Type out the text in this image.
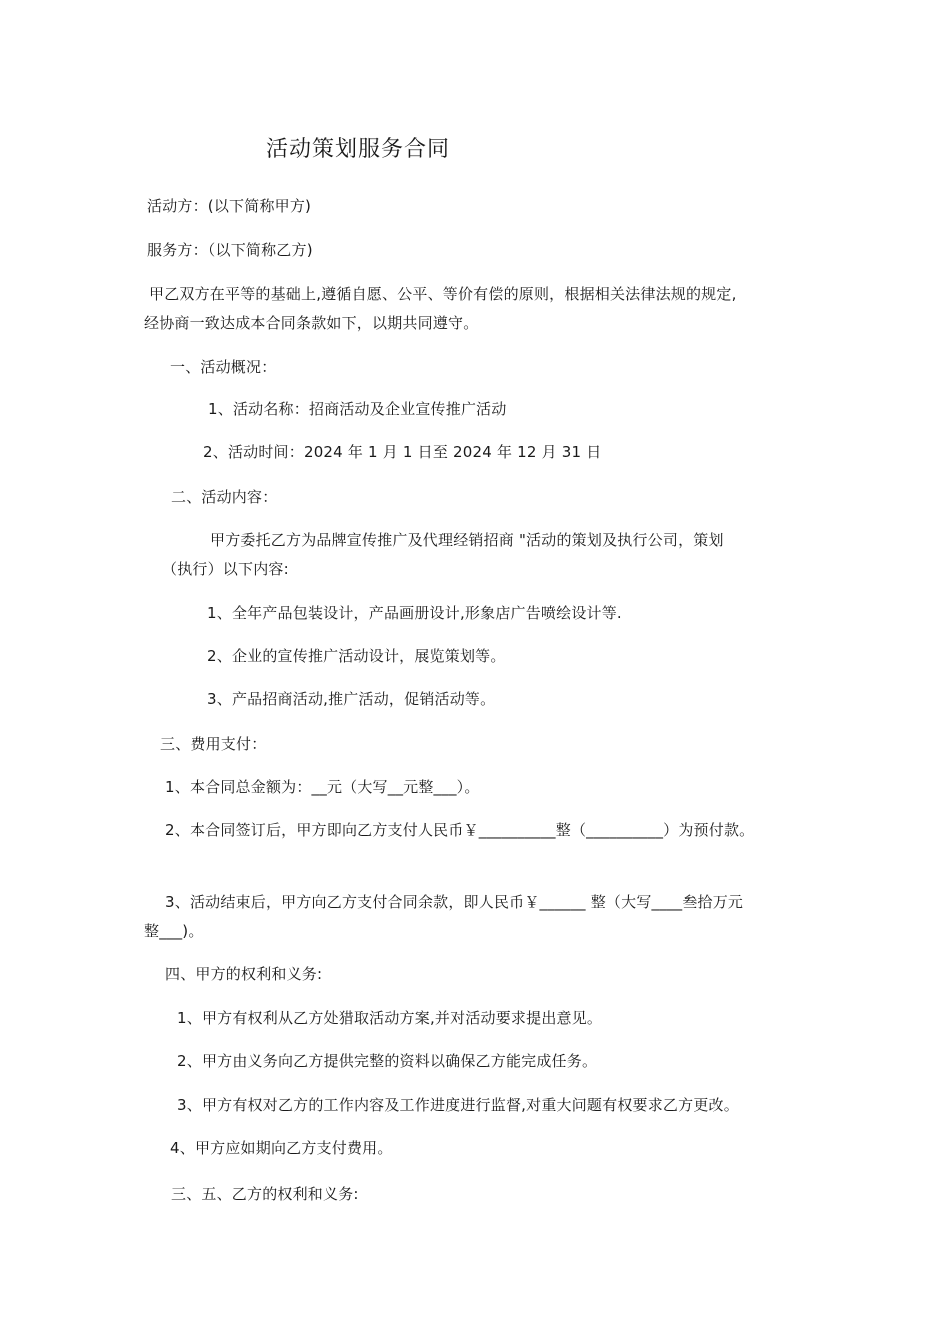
活动策划服务合同
活动方：(以下简称甲方)
服务方：（以下简称乙方)
甲乙双方在平等的基础上,遵循自愿、公平、等价有偿的原则，根据相关法律法规的规定,
经协商一致达成本合同条款如下，以期共同遵守。
一、活动概况：
1、活动名称：招商活动及企业宣传推广活动
2、活动时间：2024 年 1 月 1 日至 2024 年 12 月 31 日
二、活动内容：
甲方委托乙方为品牌宣传推广及代理经销招商 "活动的策划及执行公司，策划
（执行）以下内容:
1、全年产品包装设计，产品画册设计,形象店广告喷绘设计等.
2、企业的宣传推广活动设计，展览策划等。
3、产品招商活动,推广活动，促销活动等。
三、费用支付：
1、本合同总金额为：__元（大写__元整___）。
2、本合同签订后，甲方即向乙方支付人民币￥__________整（__________）为预付款。
3、活动结束后，甲方向乙方支付合同余款，即人民币￥______ 整（大写____叁拾万元
整___)。
四、甲方的权利和义务:
1、甲方有权利从乙方处猎取活动方案,并对活动要求提出意见。
2、甲方由义务向乙方提供完整的资料以确保乙方能完成任务。
3、甲方有权对乙方的工作内容及工作进度进行监督,对重大问题有权要求乙方更改。
4、甲方应如期向乙方支付费用。
三、五、乙方的权利和义务:
